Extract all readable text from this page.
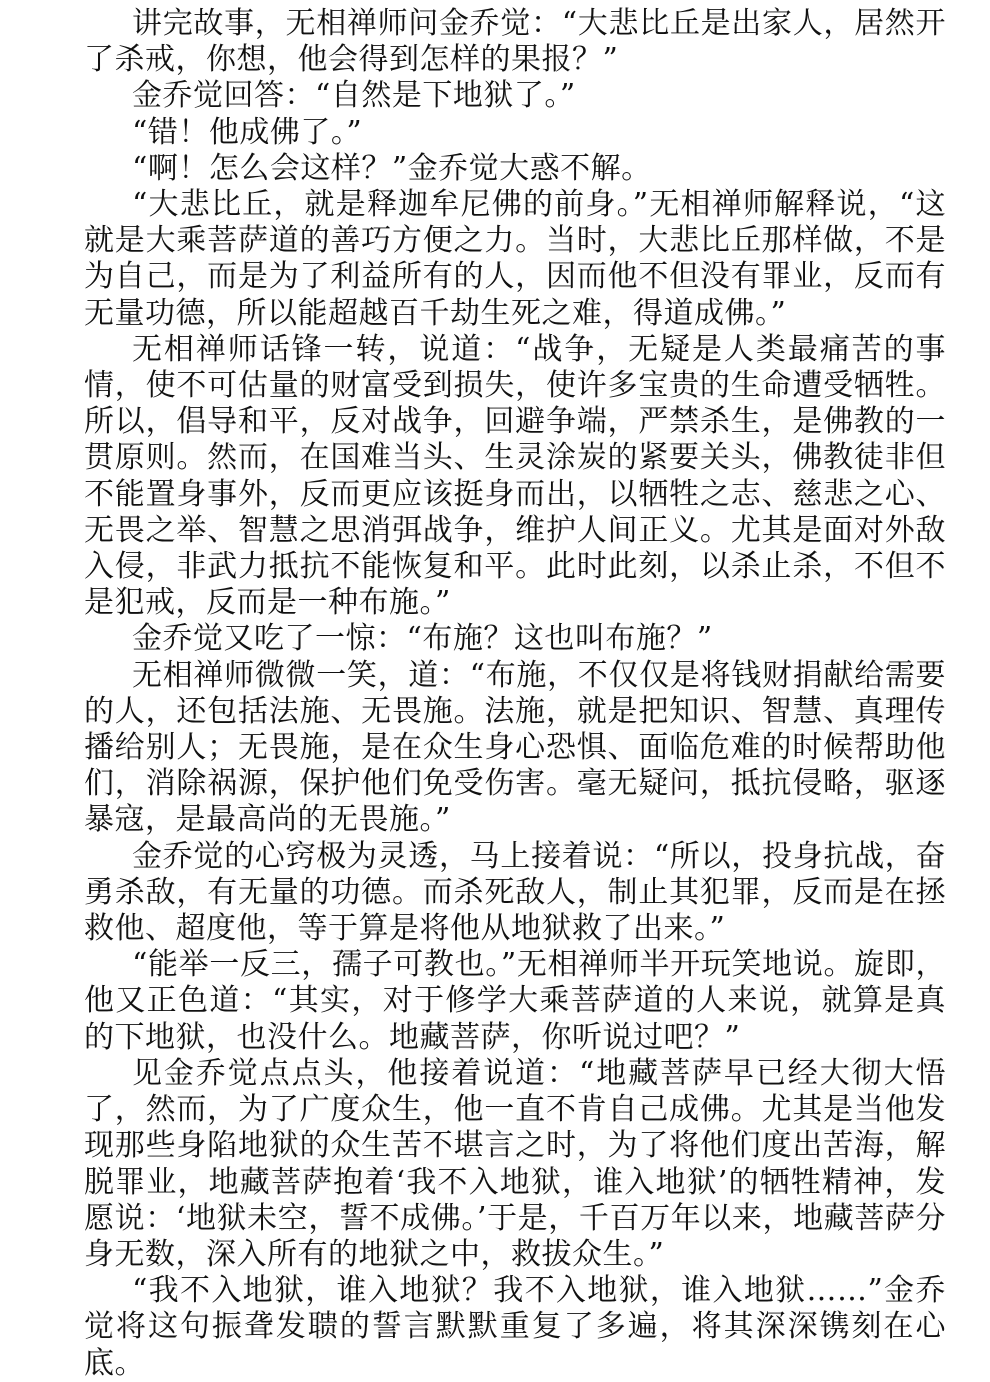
讲完故事，无相禅师问金乔觉：“大悲比丘是出家人，居然开了杀戒，你想，他会得到怎样的果报？”

金乔觉回答：“自然是下地狱了。”

“错！他成佛了。”

“啊！怎么会这样？”金乔觉大惑不解。

“大悲比丘，就是释迦牟尼佛的前身。”无相禅师解释说，“这就是大乘菩萨道的善巧方便之力。当时，大悲比丘那样做，不是为自己，而是为了利益所有的人，因而他不但没有罪业，反而有无量功德，所以能超越百千劫生死之难，得道成佛。”

无相禅师话锋一转，说道：“战争，无疑是人类最痛苦的事情，使不可估量的财富受到损失，使许多宝贵的生命遭受牺牲。所以，倡导和平，反对战争，回避争端，严禁杀生，是佛教的一贯原则。然而，在国难当头、生灵涂炭的紧要关头，佛教徒非但不能置身事外，反而更应该挺身而出，以牺牲之志、慈悲之心、无畏之举、智慧之思消弭战争，维护人间正义。尤其是面对外敌入侵，非武力抵抗不能恢复和平。此时此刻，以杀止杀，不但不是犯戒，反而是一种布施。”

金乔觉又吃了一惊：“布施？这也叫布施？”

无相禅师微微一笑，道：“布施，不仅仅是将钱财捐献给需要的人，还包括法施、无畏施。法施，就是把知识、智慧、真理传播给别人；无畏施，是在众生身心恐惧、面临危难的时候帮助他们，消除祸源，保护他们免受伤害。毫无疑问，抵抗侵略，驱逐暴寇，是最高尚的无畏施。”

金乔觉的心窍极为灵透，马上接着说：“所以，投身抗战，奋勇杀敌，有无量的功德。而杀死敌人，制止其犯罪，反而是在拯救他、超度他，等于算是将他从地狱救了出来。”

“能举一反三，孺子可教也。”无相禅师半开玩笑地说。旋即，他又正色道：“其实，对于修学大乘菩萨道的人来说，就算是真的下地狱，也没什么。地藏菩萨，你听说过吧？”

见金乔觉点点头，他接着说道：“地藏菩萨早已经大彻大悟了，然而，为了广度众生，他一直不肯自己成佛。尤其是当他发现那些身陷地狱的众生苦不堪言之时，为了将他们度出苦海，解脱罪业，地藏菩萨抱着‘我不入地狱，谁入地狱’的牺牲精神，发愿说：‘地狱未空，誓不成佛。’于是，千百万年以来，地藏菩萨分身无数，深入所有的地狱之中，救拔众生。”

“我不入地狱，谁入地狱？我不入地狱，谁入地狱……”金乔觉将这句振聋发聩的誓言默默重复了多遍，将其深深镌刻在心底。
